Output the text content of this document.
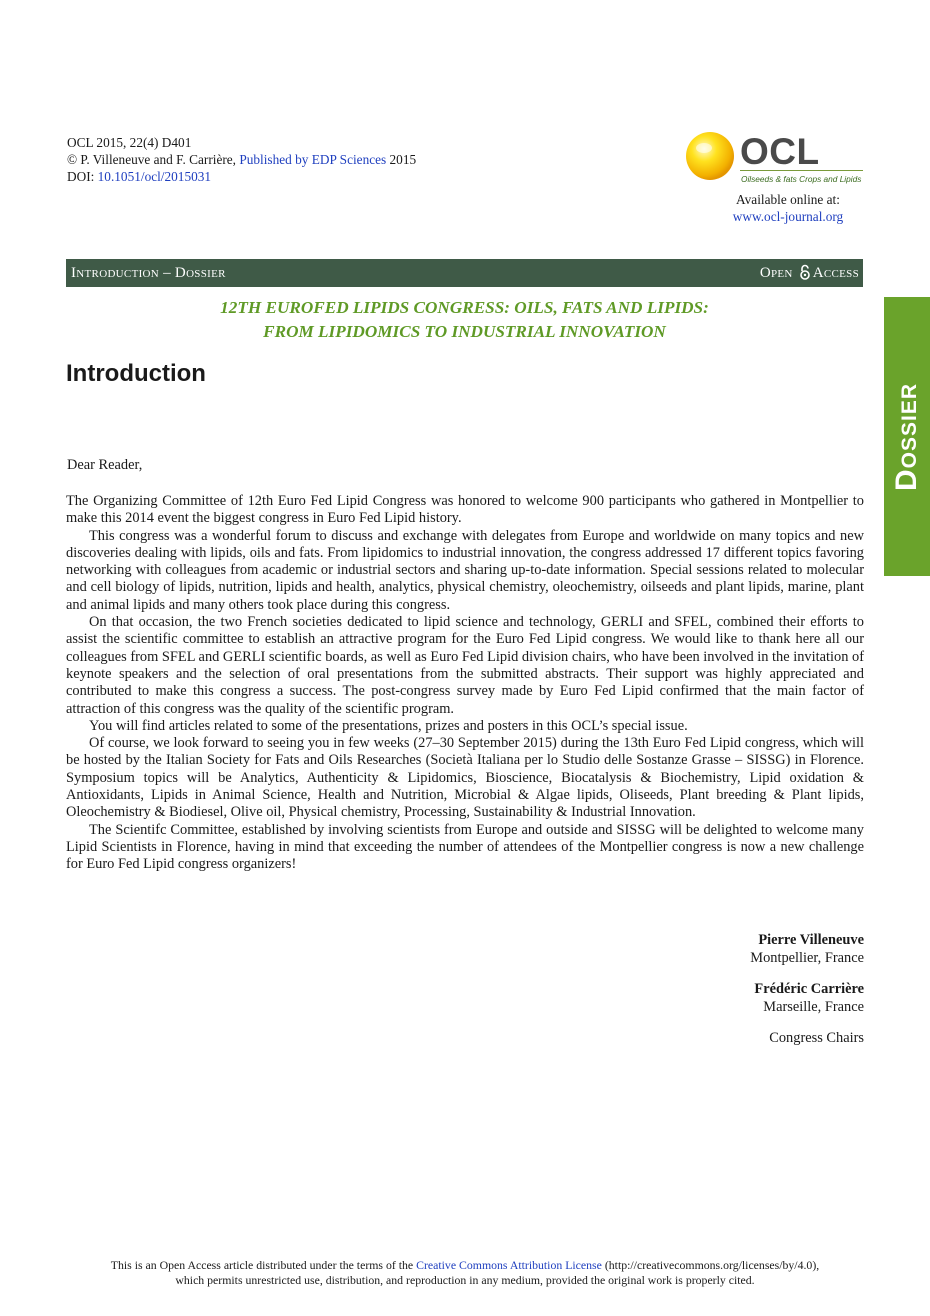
OCL 2015, 22(4) D401
© P. Villeneuve and F. Carrière, Published by EDP Sciences 2015
DOI: 10.1051/ocl/2015031
OCL
Oilseeds & fats Crops and Lipids
Available online at:
www.ocl-journal.org
Introduction – Dossier	Open Access
Dossier
12TH EUROFED LIPIDS CONGRESS: OILS, FATS AND LIPIDS:
FROM LIPIDOMICS TO INDUSTRIAL INNOVATION
Introduction
Dear Reader,

The Organizing Committee of 12th Euro Fed Lipid Congress was honored to welcome 900 participants who gathered in Montpellier to make this 2014 event the biggest congress in Euro Fed Lipid history.

This congress was a wonderful forum to discuss and exchange with delegates from Europe and worldwide on many topics and new discoveries dealing with lipids, oils and fats. From lipidomics to industrial innovation, the congress addressed 17 different topics favoring networking with colleagues from academic or industrial sectors and sharing up-to-date information. Special sessions related to molecular and cell biology of lipids, nutrition, lipids and health, analytics, physical chemistry, oleochemistry, oilseeds and plant lipids, marine, plant and animal lipids and many others took place during this congress.

On that occasion, the two French societies dedicated to lipid science and technology, GERLI and SFEL, combined their efforts to assist the scientific committee to establish an attractive program for the Euro Fed Lipid congress. We would like to thank here all our colleagues from SFEL and GERLI scientific boards, as well as Euro Fed Lipid division chairs, who have been involved in the invitation of keynote speakers and the selection of oral presentations from the submitted abstracts. Their support was highly appreciated and contributed to make this congress a success. The post-congress survey made by Euro Fed Lipid confirmed that the main factor of attraction of this congress was the quality of the scientific program.

You will find articles related to some of the presentations, prizes and posters in this OCL’s special issue.

Of course, we look forward to seeing you in few weeks (27–30 September 2015) during the 13th Euro Fed Lipid congress, which will be hosted by the Italian Society for Fats and Oils Researches (Società Italiana per lo Studio delle Sostanze Grasse – SISSG) in Florence. Symposium topics will be Analytics, Authenticity & Lipidomics, Bioscience, Biocatalysis & Biochemistry, Lipid oxidation & Antioxidants, Lipids in Animal Science, Health and Nutrition, Microbial & Algae lipids, Oliseeds, Plant breeding & Plant lipids, Oleochemistry & Biodiesel, Olive oil, Physical chemistry, Processing, Sustainability & Industrial Innovation.

The Scientifc Committee, established by involving scientists from Europe and outside and SISSG will be delighted to welcome many Lipid Scientists in Florence, having in mind that exceeding the number of attendees of the Montpellier congress is now a new challenge for Euro Fed Lipid congress organizers!

Pierre Villeneuve
Montpellier, France
Frédéric Carrière
Marseille, France
Congress Chairs
This is an Open Access article distributed under the terms of the Creative Commons Attribution License (http://creativecommons.org/licenses/by/4.0),
which permits unrestricted use, distribution, and reproduction in any medium, provided the original work is properly cited.
